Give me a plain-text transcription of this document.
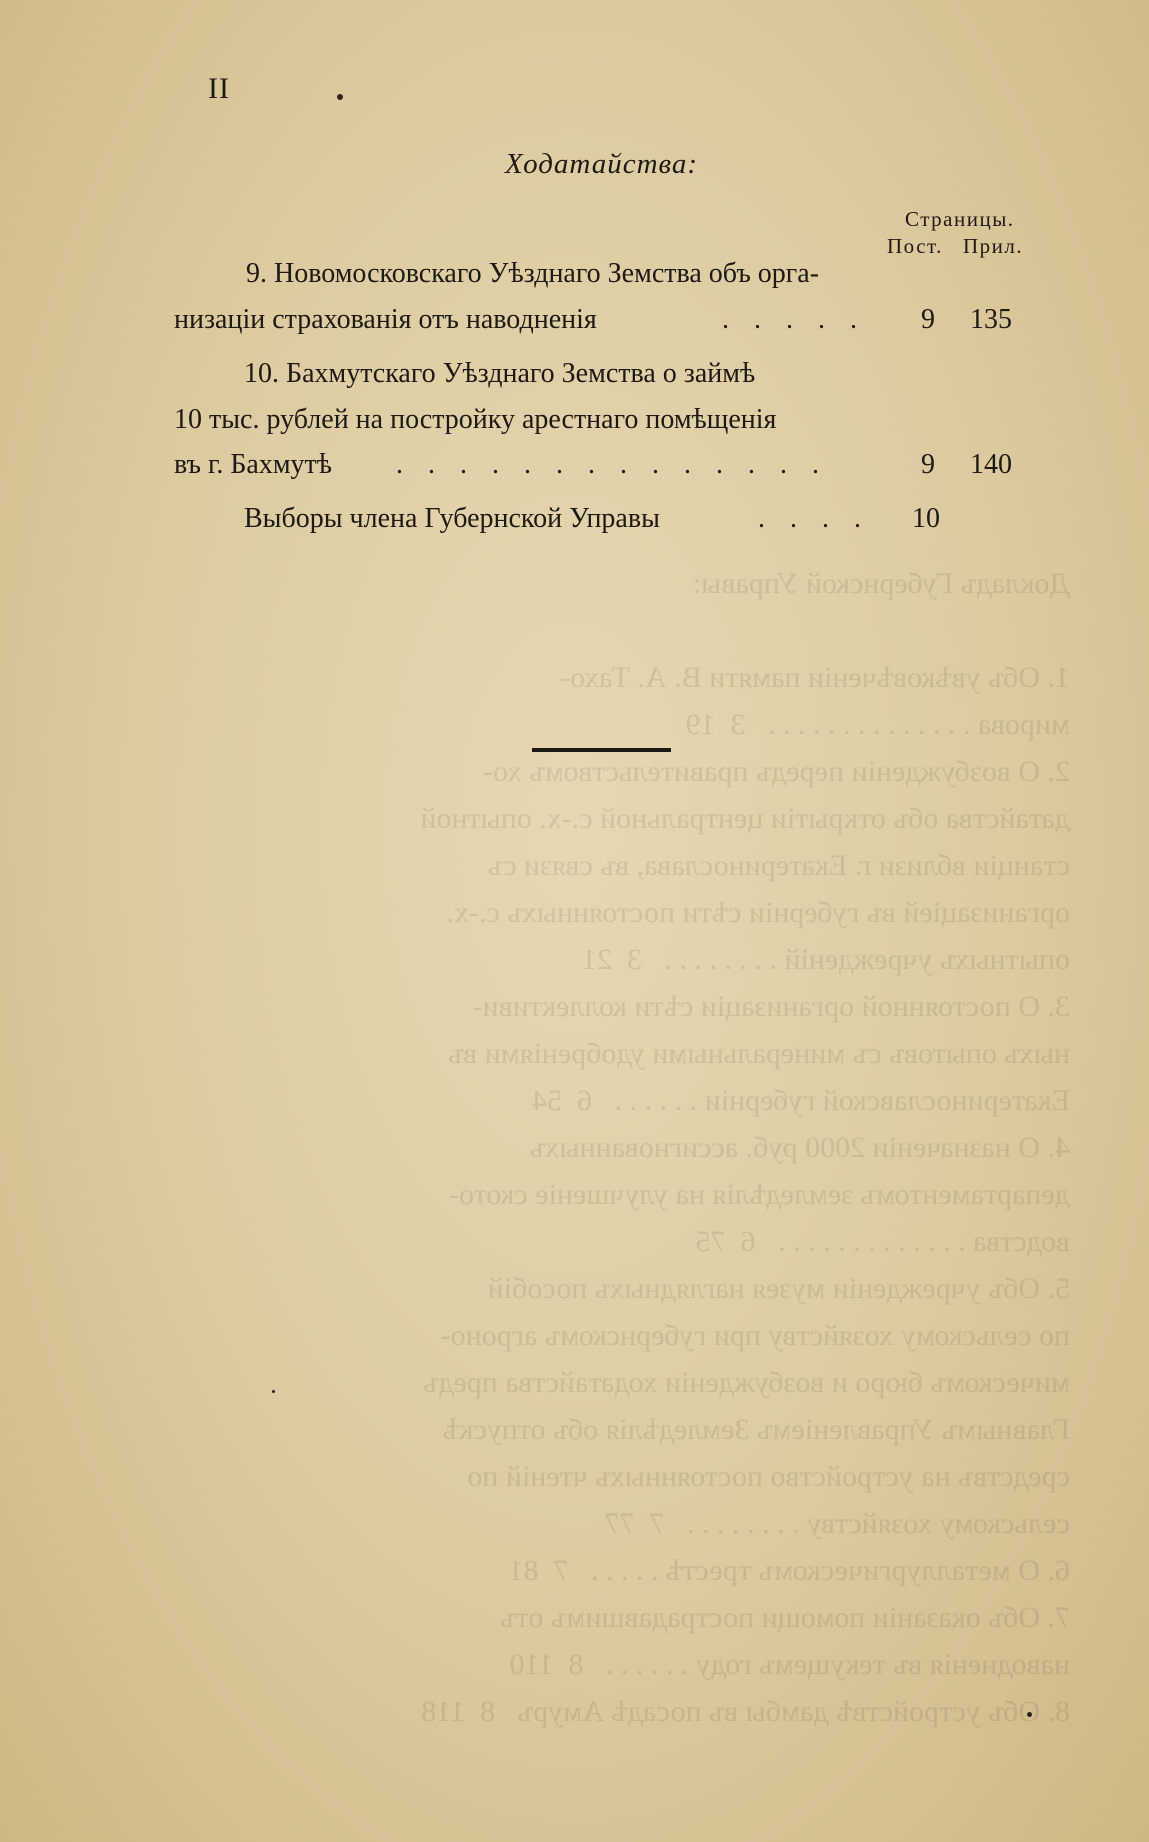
Докладъ Губернской Управы:

1. Объ увѣковѣченіи памяти В. А. Тахо-
мирова . . . . . . . . . . . . . .   3  19
2. О возбужденіи передъ правительствомъ хо-
датайства объ открытіи центральной с.-х. опытной
станціи вблизи г. Екатеринослава, въ связи съ
организаціей въ губерніи сѣти постоянныхъ с.-х.
опытныхъ учрежденій . . . . . . . .   3  21
3. О постоянной организаціи сѣти коллективи-
ныхъ опытовъ съ минеральными удобреніями въ
Екатеринославской губерніи . . . . . .   6  54
4. О назначеніи 2000 руб. ассигнованныхъ
департаментомъ земледѣлія на улучшеніе ското-
водства . . . . . . . . . . . . .   6  75
5. Объ учрежденіи музея наглядныхъ пособій
по сельскому хозяйству при губернскомъ агроно-
мическомъ бюро и возбужденіи ходатайства предъ
Главнымъ Управленіемъ Земледѣлія объ отпускѣ
средствъ на устройство постоянныхъ чтеній по
сельскому хозяйству . . . . . . . .   7  77
6. О металлургическомъ трестѣ . . . . .   7  81
7. Объ оказаніи помощи пострадавшимъ отъ
наводненія въ текущемъ году . . . . . .   8  110
8. Объ устройствѣ дамбы въ посадѣ Амуръ   8  118
II
Ходатайства:
Страницы.
Пост. Прил.
9. Новомосковскаго Уѣзднаго Земства объ орга-
низаціи страхованія отъ наводненія	. . . . .	9	135
10. Бахмутскаго Уѣзднаго Земства о займѣ
10 тыс. рублей на постройку арестнаго помѣщенія
въ г. Бахмутѣ . . . . . . . . . . . . . .	9	140
Выборы члена Губернской Управы	. . . .	10
